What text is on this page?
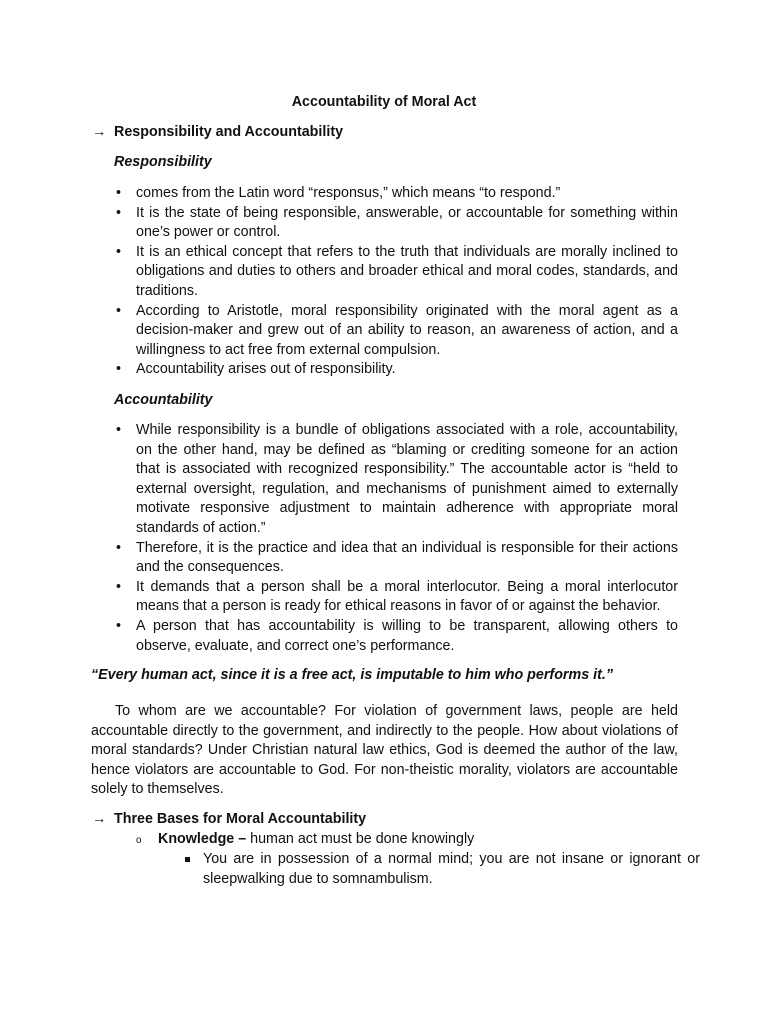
Accountability of Moral Act
→ Responsibility and Accountability
Responsibility
• comes from the Latin word “responsus,” which means “to respond.”
• It is the state of being responsible, answerable, or accountable for something within one’s power or control.
• It is an ethical concept that refers to the truth that individuals are morally inclined to obligations and duties to others and broader ethical and moral codes, standards, and traditions.
• According to Aristotle, moral responsibility originated with the moral agent as a decision-maker and grew out of an ability to reason, an awareness of action, and a willingness to act free from external compulsion.
• Accountability arises out of responsibility.
Accountability
• While responsibility is a bundle of obligations associated with a role, accountability, on the other hand, may be defined as “blaming or crediting someone for an action that is associated with recognized responsibility.” The accountable actor is “held to external oversight, regulation, and mechanisms of punishment aimed to externally motivate responsive adjustment to maintain adherence with appropriate moral standards of action.”
• Therefore, it is the practice and idea that an individual is responsible for their actions and the consequences.
• It demands that a person shall be a moral interlocutor. Being a moral interlocutor means that a person is ready for ethical reasons in favor of or against the behavior.
• A person that has accountability is willing to be transparent, allowing others to observe, evaluate, and correct one’s performance.

“Every human act, since it is a free act, is imputable to him who performs it.”

To whom are we accountable? For violation of government laws, people are held accountable directly to the government, and indirectly to the people. How about violations of moral standards? Under Christian natural law ethics, God is deemed the author of the law, hence violators are accountable to God. For non-theistic morality, violators are accountable solely to themselves.

→ Three Bases for Moral Accountability
o Knowledge – human act must be done knowingly
You are in possession of a normal mind; you are not insane or ignorant or sleepwalking due to somnambulism.
